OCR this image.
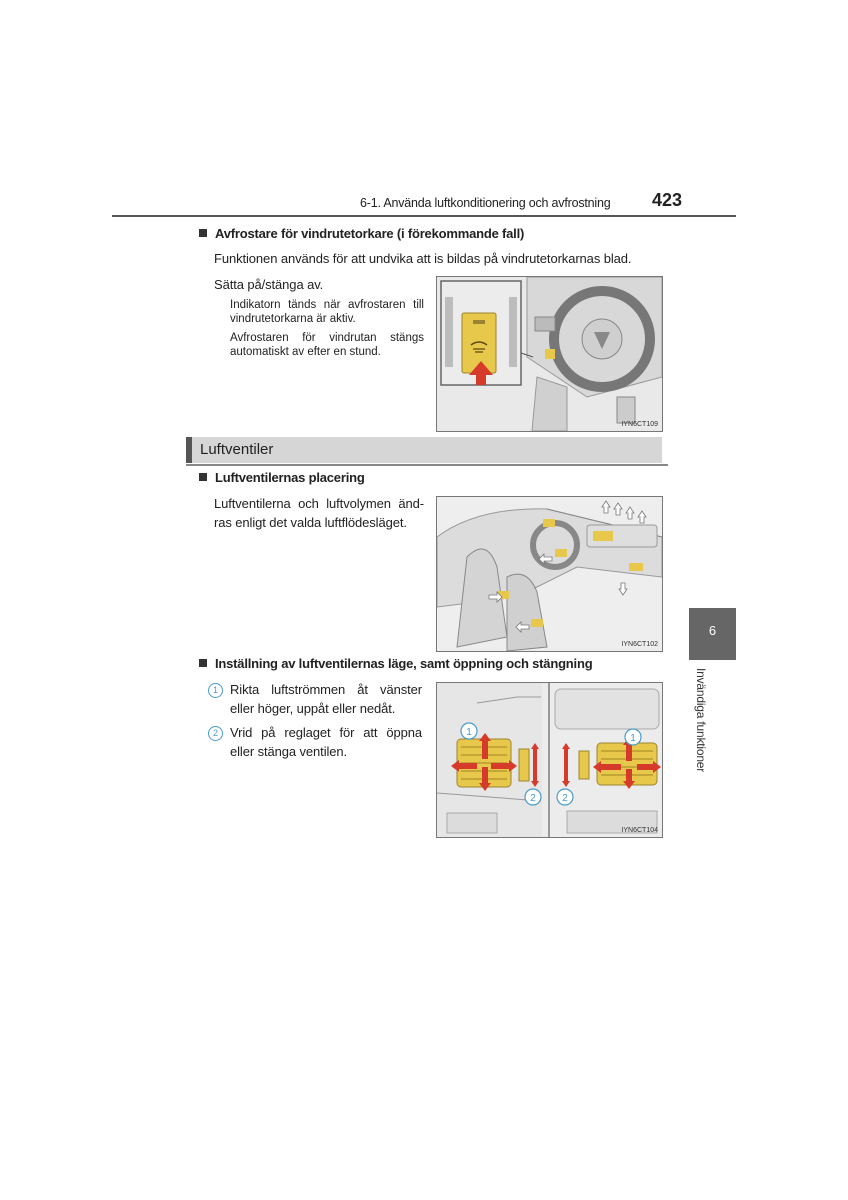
6-1. Använda luftkonditionering och avfrostning 423
Avfrostare för vindrutetorkare (i förekommande fall)
Funktionen används för att undvika att is bildas på vindrutetorkarnas blad.
Sätta på/stänga av.
Indikatorn tänds när avfrostaren till vindrutetorkarna är aktiv.
Avfrostaren för vindrutan stängs automatiskt av efter en stund.
IYN6CT109
Luftventiler
Luftventilernas placering
Luftventilerna och luftvolymen änd-ras enligt det valda luftflödesläget.
IYN6CT102
Inställning av luftventilernas läge, samt öppning och stängning
1 Rikta luftströmmen åt vänster eller höger, uppåt eller nedåt.
2 Vrid på reglaget för att öppna eller stänga ventilen.
1
2
1
2
IYN6CT104
6
Invändiga funktioner
